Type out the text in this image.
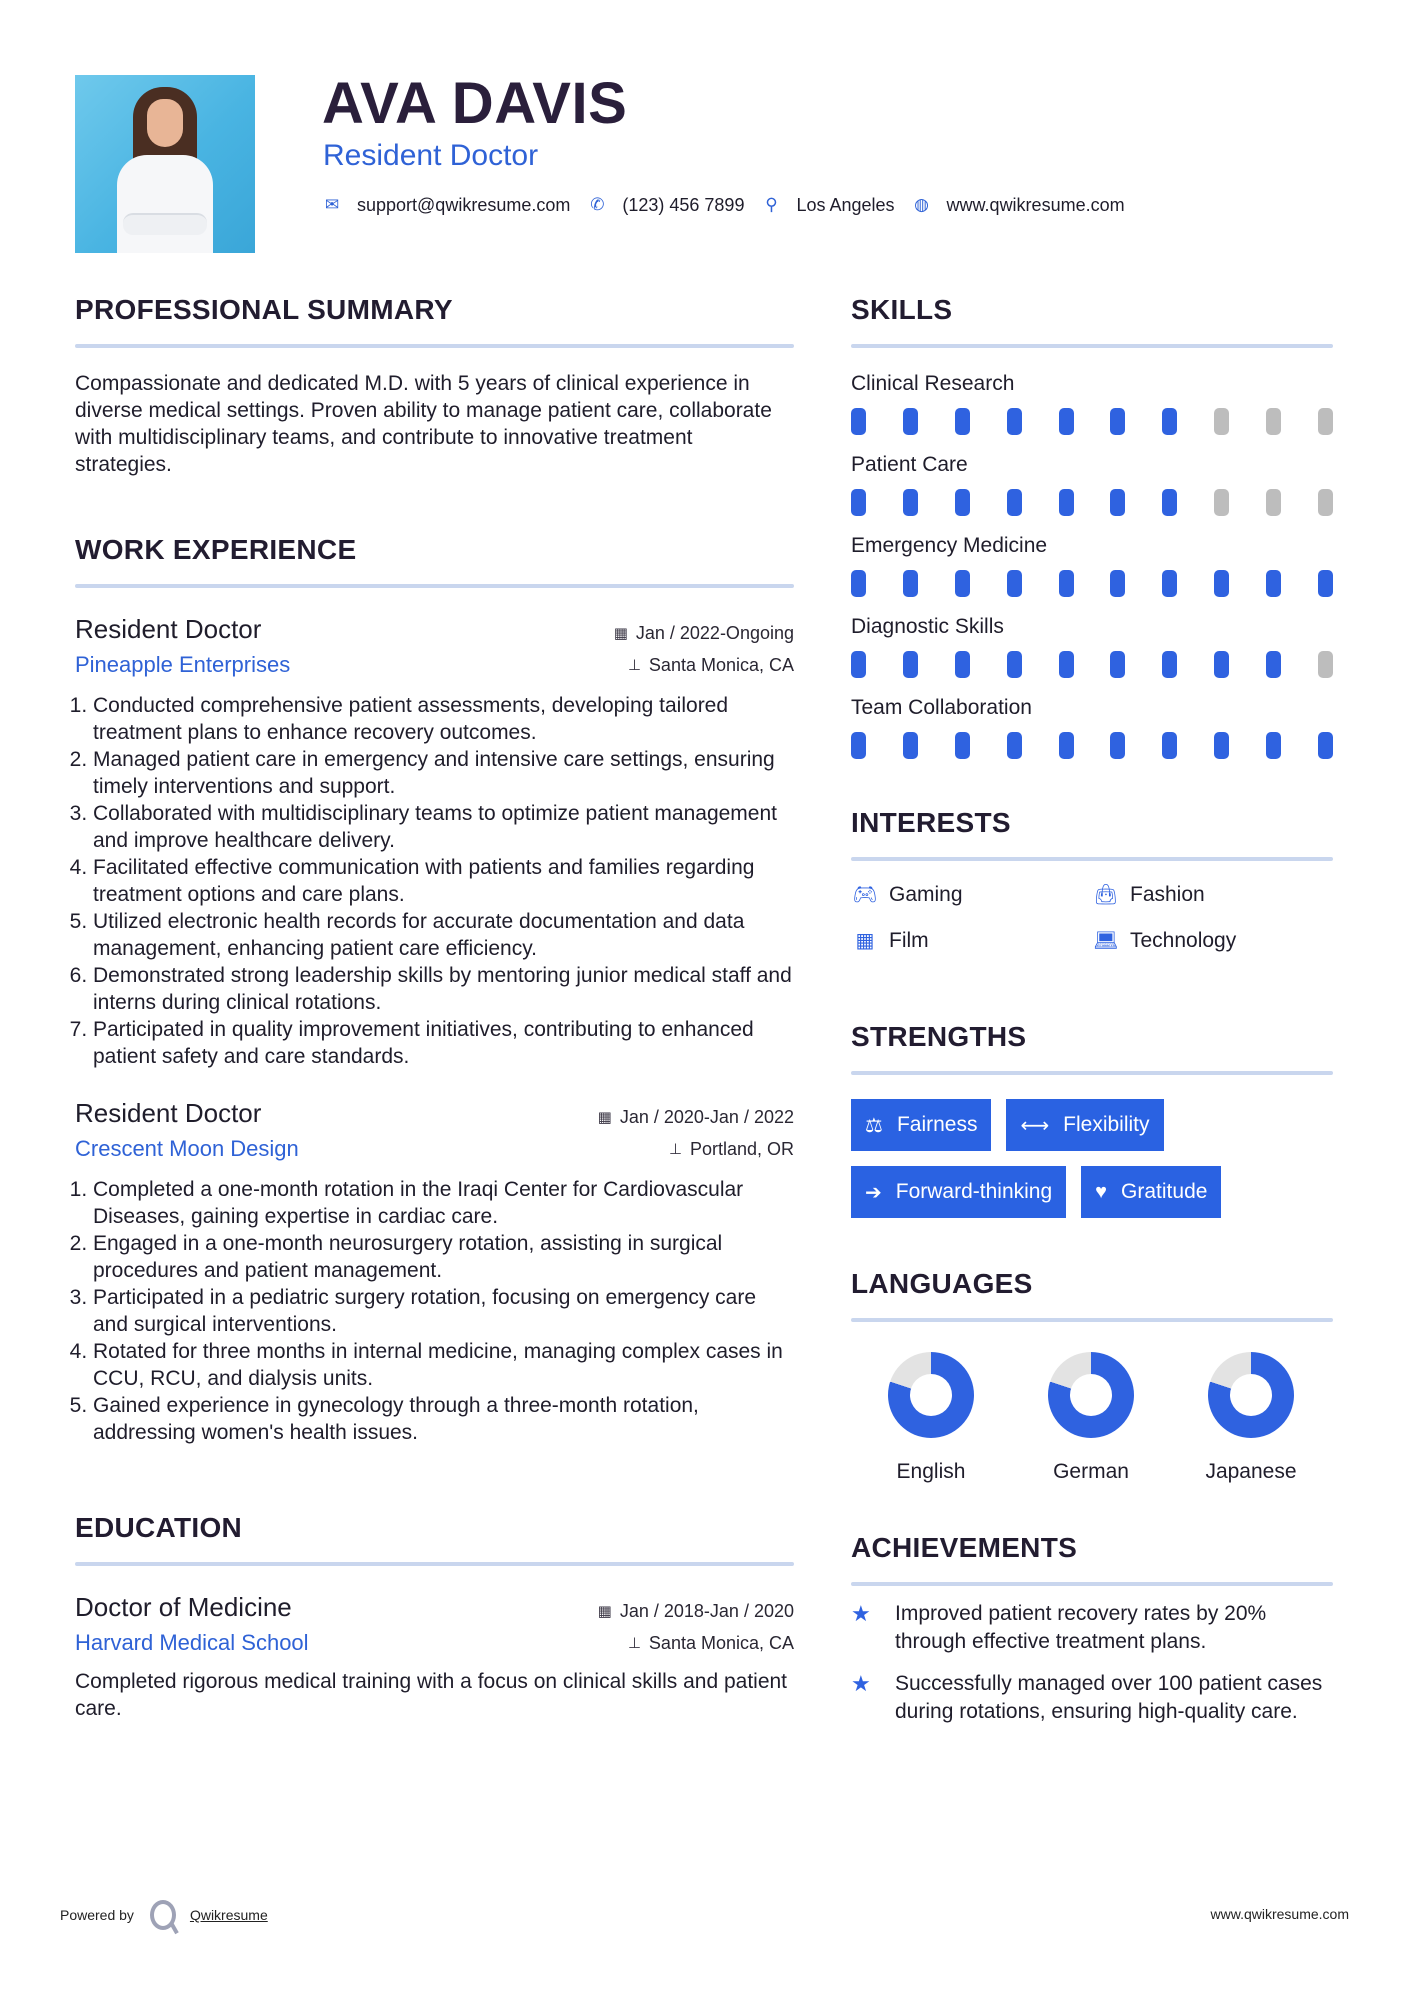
AVA DAVIS
Resident Doctor
✉ support@qwikresume.com ✆ (123) 456 7899 ⚲ Los Angeles ◍ www.qwikresume.com
PROFESSIONAL SUMMARY

Compassionate and dedicated M.D. with 5 years of clinical experience in diverse medical settings. Proven ability to manage patient care, collaborate with multidisciplinary teams, and contribute to innovative treatment strategies.

WORK EXPERIENCE
Resident Doctor	▦ Jan / 2022-Ongoing
Pineapple Enterprises	⊥ Santa Monica, CA
1. Conducted comprehensive patient assessments, developing tailored treatment plans to enhance recovery outcomes.
2. Managed patient care in emergency and intensive care settings, ensuring timely interventions and support.
3. Collaborated with multidisciplinary teams to optimize patient management and improve healthcare delivery.
4. Facilitated effective communication with patients and families regarding treatment options and care plans.
5. Utilized electronic health records for accurate documentation and data management, enhancing patient care efficiency.
6. Demonstrated strong leadership skills by mentoring junior medical staff and interns during clinical rotations.
7. Participated in quality improvement initiatives, contributing to enhanced patient safety and care standards.
Resident Doctor	▦ Jan / 2020-Jan / 2022
Crescent Moon Design	⊥ Portland, OR
1. Completed a one-month rotation in the Iraqi Center for Cardiovascular Diseases, gaining expertise in cardiac care.
2. Engaged in a one-month neurosurgery rotation, assisting in surgical procedures and patient management.
3. Participated in a pediatric surgery rotation, focusing on emergency care and surgical interventions.
4. Rotated for three months in internal medicine, managing complex cases in CCU, RCU, and dialysis units.
5. Gained experience in gynecology through a three-month rotation, addressing women's health issues.
EDUCATION
Doctor of Medicine	▦ Jan / 2018-Jan / 2020
Harvard Medical School	⊥ Santa Monica, CA

Completed rigorous medical training with a focus on clinical skills and patient care.

SKILLS
Clinical Research
Patient Care
Emergency Medicine
Diagnostic Skills
Team Collaboration
INTERESTS
🎮︎ Gaming	👜︎ Fashion
▦ Film	💻︎ Technology
STRENGTHS
⚖ Fairness ⟷ Flexibility
➔ Forward-thinking ♥ Gratitude
LANGUAGES
English	German	Japanese
ACHIEVEMENTS
★	Improved patient recovery rates by 20% through effective treatment plans.
★	Successfully managed over 100 patient cases during rotations, ensuring high-quality care.
Powered by	Qwikresume	www.qwikresume.com
